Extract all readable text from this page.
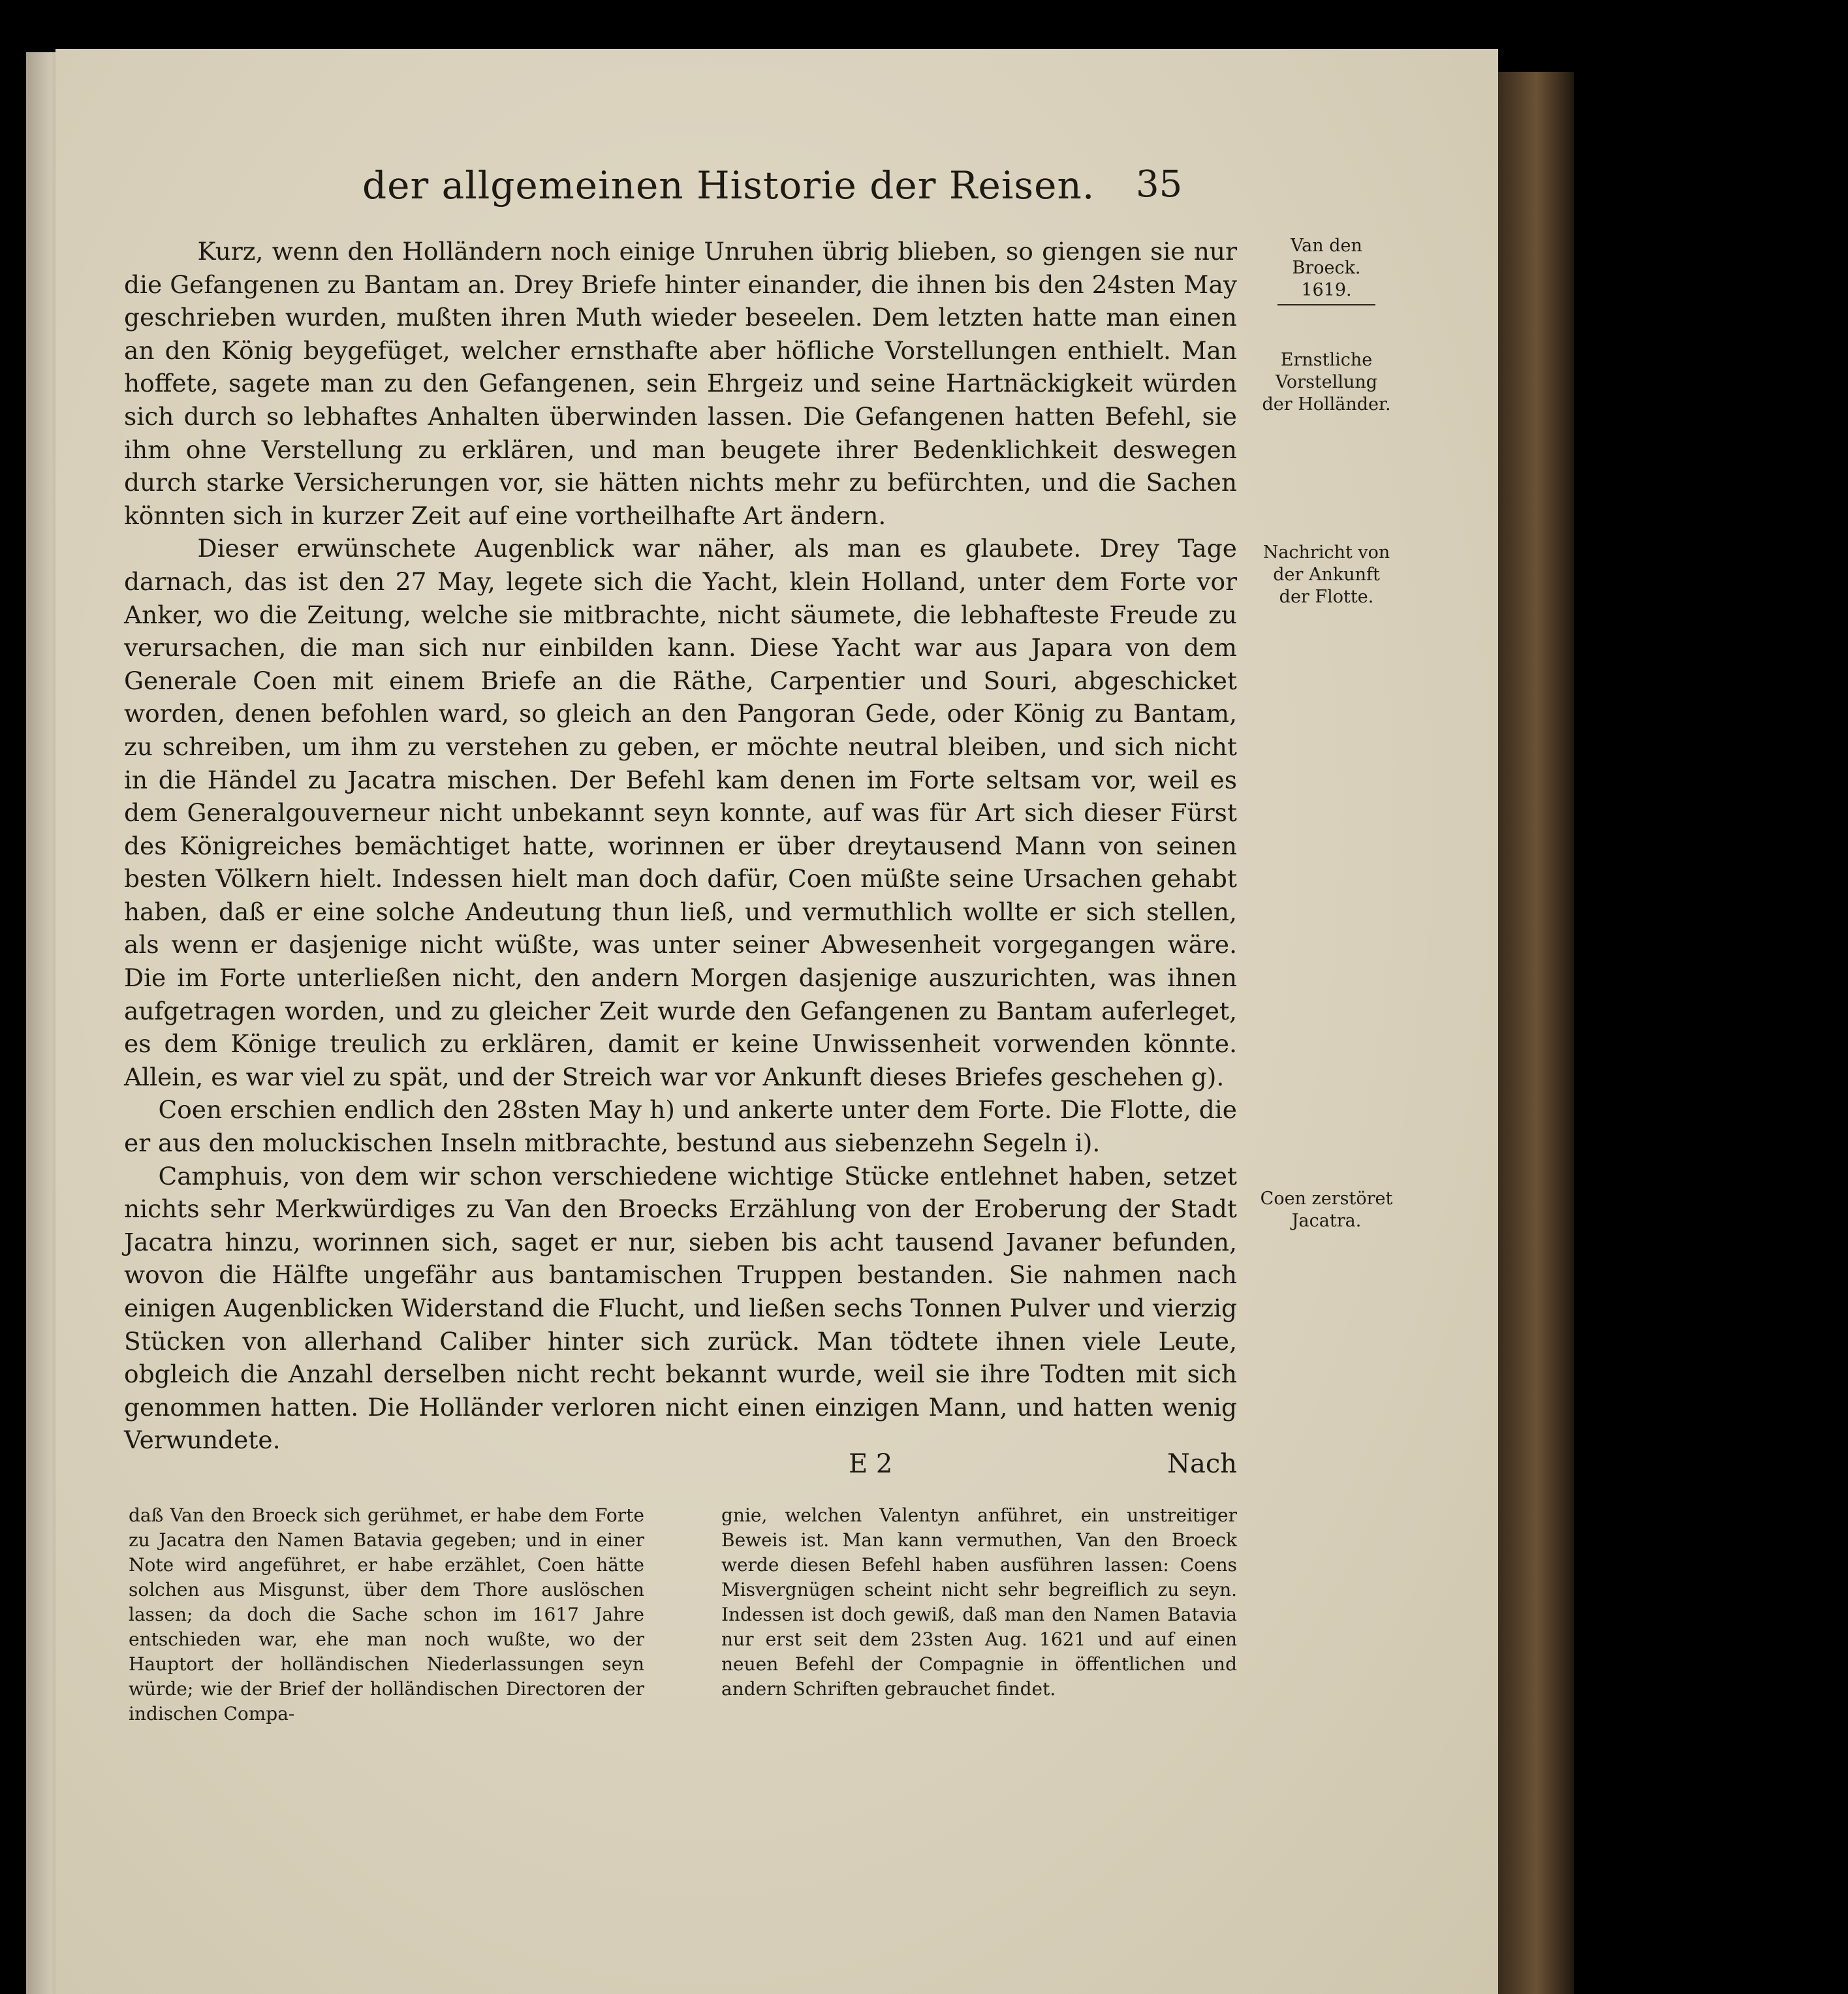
der allgemeinen Historie der Reisen. 35

Kurz, wenn den Holländern noch einige Unruhen übrig blieben, so giengen sie nur die Gefangenen zu Bantam an. Drey Briefe hinter einander, die ihnen bis den 24sten May geschrieben wurden, mußten ihren Muth wieder beseelen. Dem letzten hatte man einen an den König beygefüget, welcher ernsthafte aber höfliche Vorstellungen enthielt. Man hoffete, sagete man zu den Gefangenen, sein Ehrgeiz und seine Hartnäckigkeit würden sich durch so lebhaftes Anhalten überwinden lassen. Die Gefangenen hatten Befehl, sie ihm ohne Verstellung zu erklären, und man beugete ihrer Bedenklichkeit deswegen durch starke Versicherungen vor, sie hätten nichts mehr zu befürchten, und die Sachen könnten sich in kurzer Zeit auf eine vortheilhafte Art ändern.

Dieser erwünschete Augenblick war näher, als man es glaubete. Drey Tage darnach, das ist den 27 May, legete sich die Yacht, klein Holland, unter dem Forte vor Anker, wo die Zeitung, welche sie mitbrachte, nicht säumete, die lebhafteste Freude zu verursachen, die man sich nur einbilden kann. Diese Yacht war aus Japara von dem Generale Coen mit einem Briefe an die Räthe, Carpentier und Souri, abgeschicket worden, denen befohlen ward, so gleich an den Pangoran Gede, oder König zu Bantam, zu schreiben, um ihm zu verstehen zu geben, er möchte neutral bleiben, und sich nicht in die Händel zu Jacatra mischen. Der Befehl kam denen im Forte seltsam vor, weil es dem Generalgouverneur nicht unbekannt seyn konnte, auf was für Art sich dieser Fürst des Königreiches bemächtiget hatte, worinnen er über dreytausend Mann von seinen besten Völkern hielt. Indessen hielt man doch dafür, Coen müßte seine Ursachen gehabt haben, daß er eine solche Andeutung thun ließ, und vermuthlich wollte er sich stellen, als wenn er dasjenige nicht wüßte, was unter seiner Abwesenheit vorgegangen wäre. Die im Forte unterließen nicht, den andern Morgen dasjenige auszurichten, was ihnen aufgetragen worden, und zu gleicher Zeit wurde den Gefangenen zu Bantam auferleget, es dem Könige treulich zu erklären, damit er keine Unwissenheit vorwenden könnte. Allein, es war viel zu spät, und der Streich war vor Ankunft dieses Briefes geschehen g).

Coen erschien endlich den 28sten May h) und ankerte unter dem Forte. Die Flotte, die er aus den moluckischen Inseln mitbrachte, bestund aus siebenzehn Segeln i).

Camphuis, von dem wir schon verschiedene wichtige Stücke entlehnet haben, setzet nichts sehr Merkwürdiges zu Van den Broecks Erzählung von der Eroberung der Stadt Jacatra hinzu, worinnen sich, saget er nur, sieben bis acht tausend Javaner befunden, wovon die Hälfte ungefähr aus bantamischen Truppen bestanden. Sie nahmen nach einigen Augenblicken Widerstand die Flucht, und ließen sechs Tonnen Pulver und vierzig Stücken von allerhand Caliber hinter sich zurück. Man tödtete ihnen viele Leute, obgleich die Anzahl derselben nicht recht bekannt wurde, weil sie ihre Todten mit sich genommen hatten. Die Holländer verloren nicht einen einzigen Mann, und hatten wenig Verwundete.

Van den
Broeck.
1619.
Ernstliche
Vorstellung
der Holländer.
Nachricht von
der Ankunft
der Flotte.
Coen zerstöret
Jacatra.
E 2	Nach

daß Van den Broeck sich gerühmet, er habe dem Forte zu Jacatra den Namen Batavia gegeben; und in einer Note wird angeführet, er habe erzählet, Coen hätte solchen aus Misgunst, über dem Thore auslöschen lassen; da doch die Sache schon im 1617 Jahre entschieden war, ehe man noch wußte, wo der Hauptort der holländischen Niederlassungen seyn würde; wie der Brief der holländischen Directoren der indischen Compa-

gnie, welchen Valentyn anführet, ein unstreitiger Beweis ist. Man kann vermuthen, Van den Broeck werde diesen Befehl haben ausführen lassen: Coens Misvergnügen scheint nicht sehr begreiflich zu seyn. Indessen ist doch gewiß, daß man den Namen Batavia nur erst seit dem 23sten Aug. 1621 und auf einen neuen Befehl der Compagnie in öffentlichen und andern Schriften gebrauchet findet.
